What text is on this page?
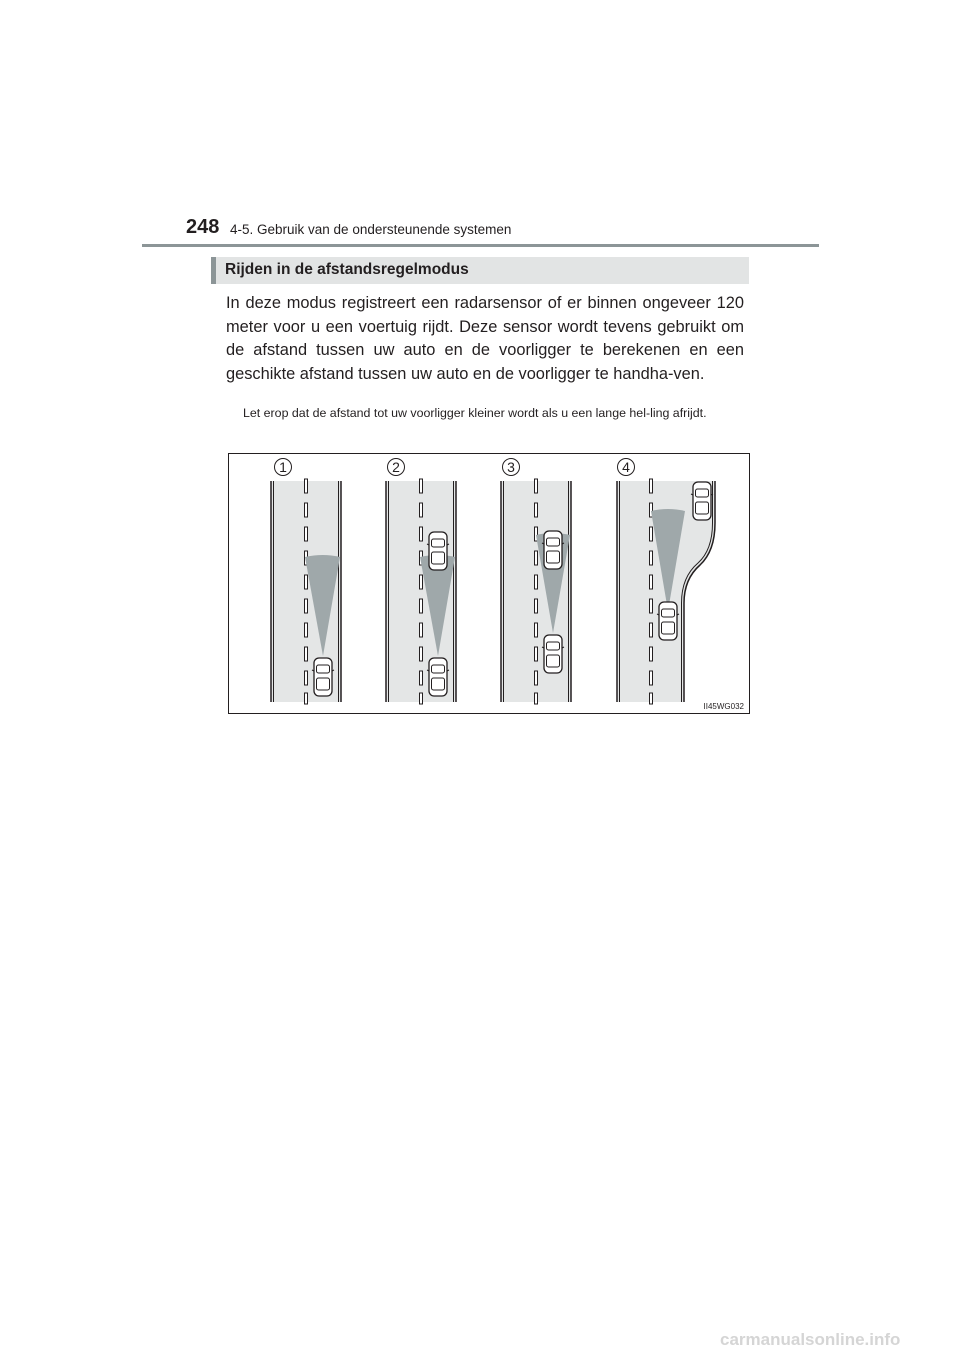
248 4-5. Gebruik van de ondersteunende systemen
Rijden in de afstandsregelmodus

In deze modus registreert een radarsensor of er binnen ongeveer 120 meter voor u een voertuig rijdt. Deze sensor wordt tevens gebruikt om de afstand tussen uw auto en de voorligger te berekenen en een geschikte afstand tussen uw auto en de voorligger te handha-ven.

Let erop dat de afstand tot uw voorligger kleiner wordt als u een lange hel-ling afrijdt.

1	2	3	4
II45WG032
carmanualsonline.info
